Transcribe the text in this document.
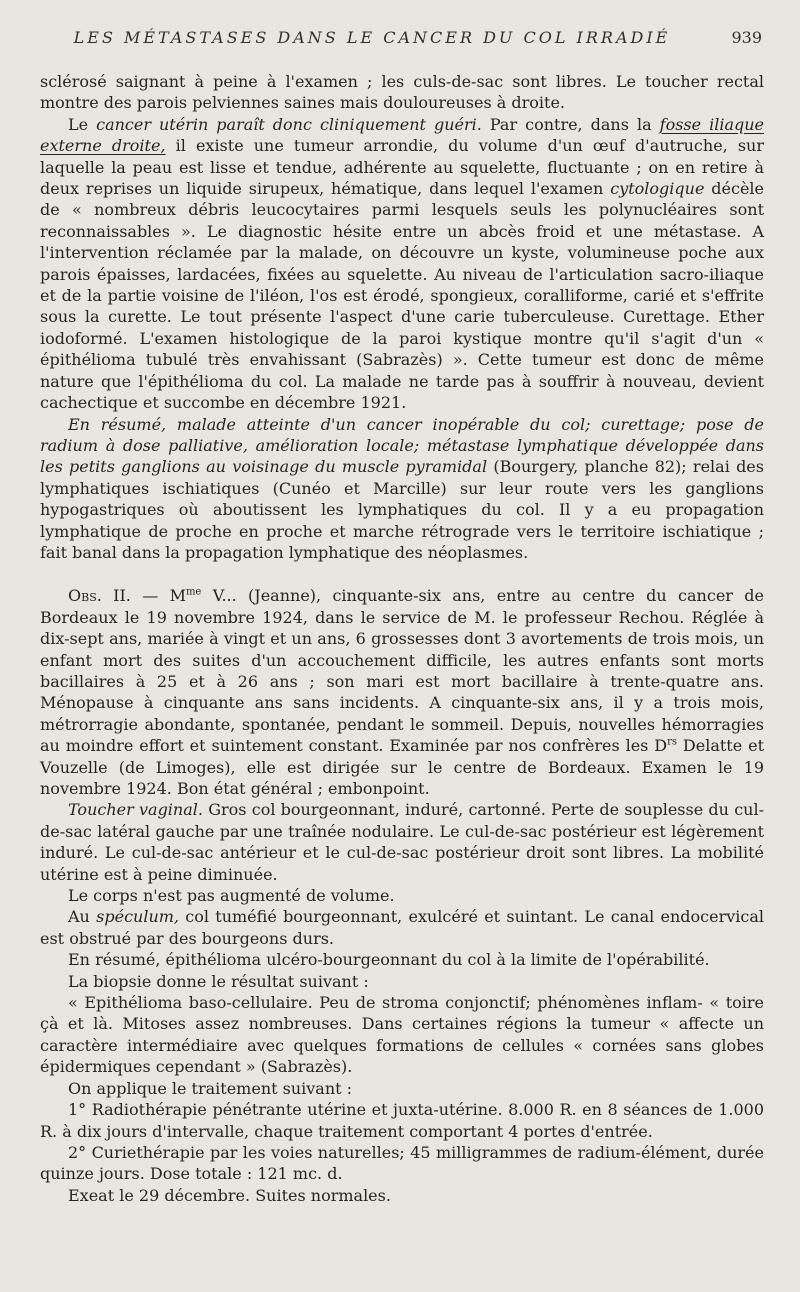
LES MÉTASTASES DANS LE CANCER DU COL IRRADIÉ	939

sclérosé saignant à peine à l'examen ; les culs-de-sac sont libres. Le toucher rectal montre des parois pelviennes saines mais douloureuses à droite.

Le cancer utérin paraît donc cliniquement guéri. Par contre, dans la fosse iliaque externe droite, il existe une tumeur arrondie, du volume d'un œuf d'autruche, sur laquelle la peau est lisse et tendue, adhérente au squelette, fluctuante ; on en retire à deux reprises un liquide sirupeux, hématique, dans lequel l'examen cytologique décèle de « nombreux débris leucocytaires parmi lesquels seuls les polynucléaires sont reconnaissables ». Le diagnostic hésite entre un abcès froid et une métastase. A l'intervention réclamée par la malade, on découvre un kyste, volumineuse poche aux parois épaisses, lardacées, fixées au squelette. Au niveau de l'articulation sacro-iliaque et de la partie voisine de l'iléon, l'os est érodé, spongieux, coralliforme, carié et s'effrite sous la curette. Le tout présente l'aspect d'une carie tuberculeuse. Curettage. Ether iodoformé. L'examen histologique de la paroi kystique montre qu'il s'agit d'un « épithélioma tubulé très envahissant (Sabrazès) ». Cette tumeur est donc de même nature que l'épithélioma du col. La malade ne tarde pas à souffrir à nouveau, devient cachectique et succombe en décembre 1921.

En résumé, malade atteinte d'un cancer inopérable du col; curettage; pose de radium à dose palliative, amélioration locale; métastase lymphatique développée dans les petits ganglions au voisinage du muscle pyramidal (Bourgery, planche 82); relai des lymphatiques ischiatiques (Cunéo et Marcille) sur leur route vers les ganglions hypogastriques où aboutissent les lymphatiques du col. Il y a eu propagation lymphatique de proche en proche et marche rétrograde vers le territoire ischiatique ; fait banal dans la propagation lymphatique des néoplasmes.

Obs. II. — $M^{me}$ V... (Jeanne), cinquante-six ans, entre au centre du cancer de Bordeaux le 19 novembre 1924, dans le service de M. le professeur Rechou. Réglée à dix-sept ans, mariée à vingt et un ans, 6 grossesses dont 3 avortements de trois mois, un enfant mort des suites d'un accouchement difficile, les autres enfants sont morts bacillaires à 25 et à 26 ans ; son mari est mort bacillaire à trente-quatre ans. Ménopause à cinquante ans sans incidents. A cinquante-six ans, il y a trois mois, métrorragie abondante, spontanée, pendant le sommeil. Depuis, nouvelles hémorragies au moindre effort et suintement constant. Examinée par nos confrères les $D^{rs}$ Delatte et Vouzelle (de Limoges), elle est dirigée sur le centre de Bordeaux. Examen le 19 novembre 1924. Bon état général ; embonpoint.

Toucher vaginal. Gros col bourgeonnant, induré, cartonné. Perte de souplesse du cul-de-sac latéral gauche par une traînée nodulaire. Le cul-de-sac postérieur est légèrement induré. Le cul-de-sac antérieur et le cul-de-sac postérieur droit sont libres. La mobilité utérine est à peine diminuée.

Le corps n'est pas augmenté de volume.

Au spéculum, col tuméfié bourgeonnant, exulcéré et suintant. Le canal endocervical est obstrué par des bourgeons durs.

En résumé, épithélioma ulcéro-bourgeonnant du col à la limite de l'opérabilité.

La biopsie donne le résultat suivant :

« Epithélioma baso-cellulaire. Peu de stroma conjonctif; phénomènes inflam- « toire çà et là. Mitoses assez nombreuses. Dans certaines régions la tumeur « affecte un caractère intermédiaire avec quelques formations de cellules « cornées sans globes épidermiques cependant » (Sabrazès).

On applique le traitement suivant :

1° Radiothérapie pénétrante utérine et juxta-utérine. 8.000 R. en 8 séances de 1.000 R. à dix jours d'intervalle, chaque traitement comportant 4 portes d'entrée.

2° Curiethérapie par les voies naturelles; 45 milligrammes de radium-élément, durée quinze jours. Dose totale : 121 mc. d.

Exeat le 29 décembre. Suites normales.
